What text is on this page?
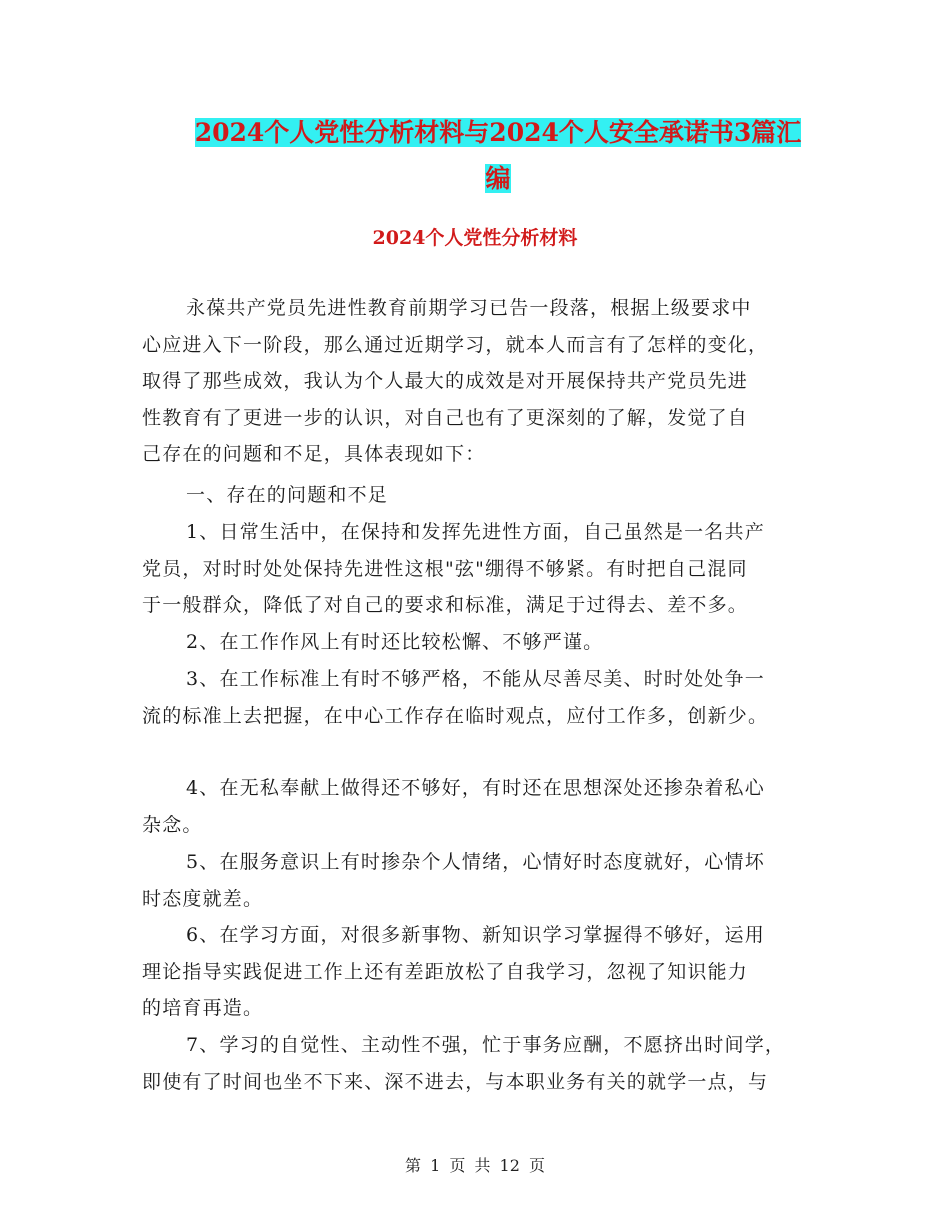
2024个人党性分析材料与2024个人安全承诺书3篇汇
编
2024个人党性分析材料

永葆共产党员先进性教育前期学习已告一段落，根据上级要求中
心应进入下一阶段，那么通过近期学习，就本人而言有了怎样的变化，
取得了那些成效，我认为个人最大的成效是对开展保持共产党员先进
性教育有了更进一步的认识，对自己也有了更深刻的了解，发觉了自
己存在的问题和不足，具体表现如下：

一、存在的问题和不足

1、日常生活中，在保持和发挥先进性方面，自己虽然是一名共产
党员，对时时处处保持先进性这根"弦"绷得不够紧。有时把自己混同
于一般群众，降低了对自己的要求和标准，满足于过得去、差不多。

2、在工作作风上有时还比较松懈、不够严谨。

3、在工作标准上有时不够严格，不能从尽善尽美、时时处处争一
流的标准上去把握，在中心工作存在临时观点，应付工作多，创新少。

4、在无私奉献上做得还不够好，有时还在思想深处还掺杂着私心
杂念。

5、在服务意识上有时掺杂个人情绪，心情好时态度就好，心情坏
时态度就差。

6、在学习方面，对很多新事物、新知识学习掌握得不够好，运用
理论指导实践促进工作上还有差距放松了自我学习，忽视了知识能力
的培育再造。

7、学习的自觉性、主动性不强，忙于事务应酬，不愿挤出时间学，
即使有了时间也坐不下来、深不进去，与本职业务有关的就学一点，与

第 1 页 共 12 页
